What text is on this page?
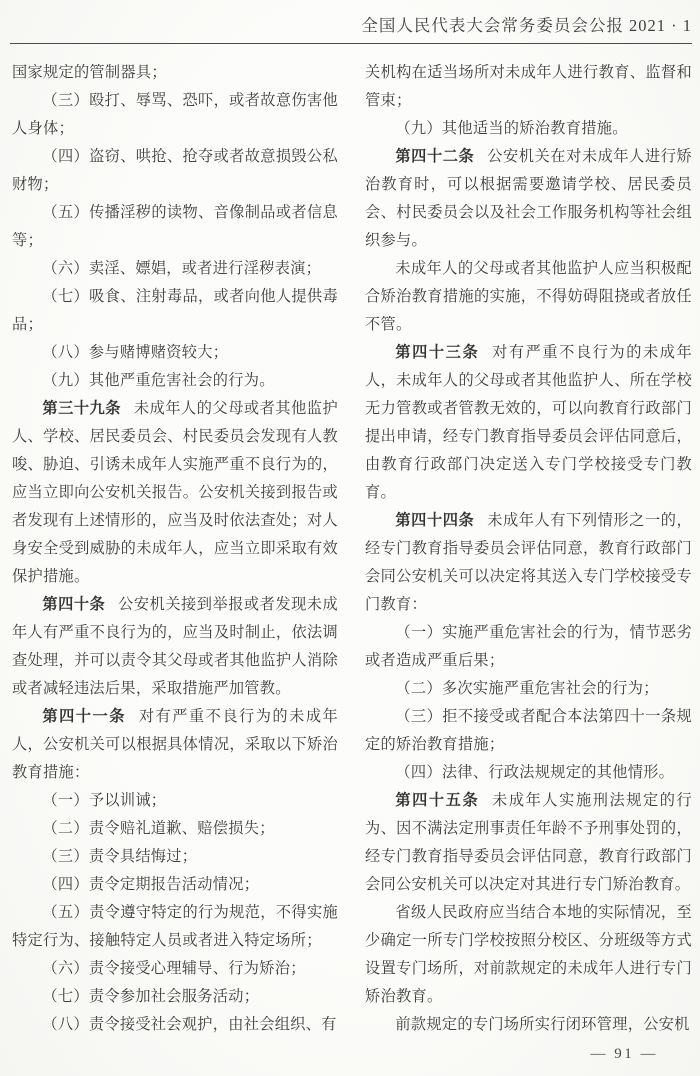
全国人民代表大会常务委员会公报 2021 · 1

国家规定的管制器具；

（三）殴打、辱骂、恐吓，或者故意伤害他人身体；

（四）盗窃、哄抢、抢夺或者故意损毁公私财物；

（五）传播淫秽的读物、音像制品或者信息等；

（六）卖淫、嫖娼，或者进行淫秽表演；

（七）吸食、注射毒品，或者向他人提供毒品；

（八）参与赌博赌资较大；

（九）其他严重危害社会的行为。

第三十九条 未成年人的父母或者其他监护人、学校、居民委员会、村民委员会发现有人教唆、胁迫、引诱未成年人实施严重不良行为的，应当立即向公安机关报告。公安机关接到报告或者发现有上述情形的，应当及时依法查处；对人身安全受到威胁的未成年人，应当立即采取有效保护措施。

第四十条 公安机关接到举报或者发现未成年人有严重不良行为的，应当及时制止，依法调查处理，并可以责令其父母或者其他监护人消除或者减轻违法后果，采取措施严加管教。

第四十一条 对有严重不良行为的未成年人，公安机关可以根据具体情况，采取以下矫治教育措施：

（一）予以训诫；

（二）责令赔礼道歉、赔偿损失；

（三）责令具结悔过；

（四）责令定期报告活动情况；

（五）责令遵守特定的行为规范，不得实施特定行为、接触特定人员或者进入特定场所；

（六）责令接受心理辅导、行为矫治；

（七）责令参加社会服务活动；

（八）责令接受社会观护，由社会组织、有

关机构在适当场所对未成年人进行教育、监督和管束；

（九）其他适当的矫治教育措施。

第四十二条 公安机关在对未成年人进行矫治教育时，可以根据需要邀请学校、居民委员会、村民委员会以及社会工作服务机构等社会组织参与。

未成年人的父母或者其他监护人应当积极配合矫治教育措施的实施，不得妨碍阻挠或者放任不管。

第四十三条 对有严重不良行为的未成年人，未成年人的父母或者其他监护人、所在学校无力管教或者管教无效的，可以向教育行政部门提出申请，经专门教育指导委员会评估同意后，由教育行政部门决定送入专门学校接受专门教育。

第四十四条 未成年人有下列情形之一的，经专门教育指导委员会评估同意，教育行政部门会同公安机关可以决定将其送入专门学校接受专门教育：

（一）实施严重危害社会的行为，情节恶劣或者造成严重后果；

（二）多次实施严重危害社会的行为；

（三）拒不接受或者配合本法第四十一条规定的矫治教育措施；

（四）法律、行政法规规定的其他情形。

第四十五条 未成年人实施刑法规定的行为、因不满法定刑事责任年龄不予刑事处罚的，经专门教育指导委员会评估同意，教育行政部门会同公安机关可以决定对其进行专门矫治教育。

省级人民政府应当结合本地的实际情况，至少确定一所专门学校按照分校区、分班级等方式设置专门场所，对前款规定的未成年人进行专门矫治教育。

前款规定的专门场所实行闭环管理，公安机

— 91 —
